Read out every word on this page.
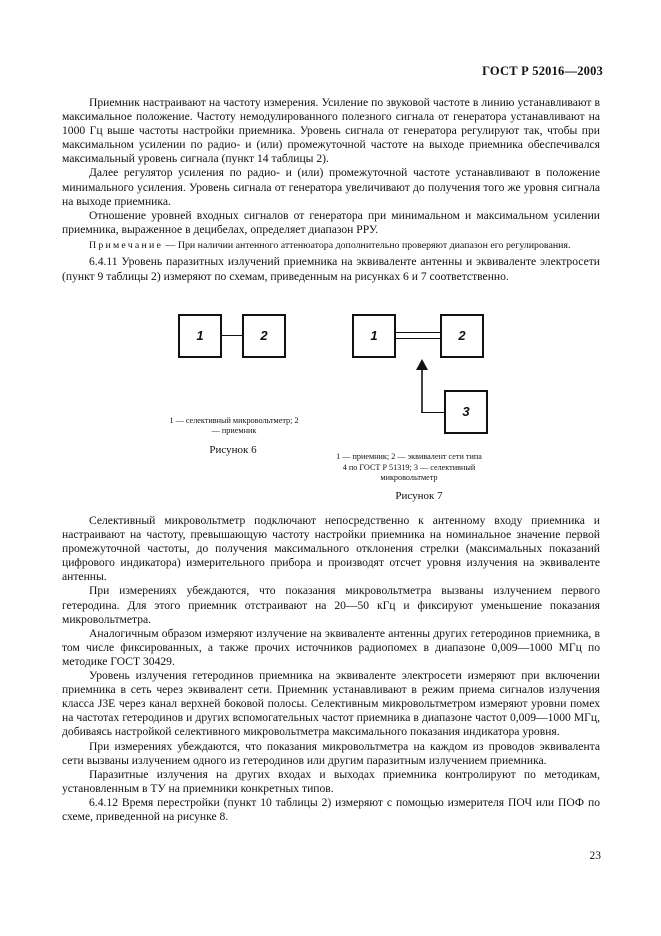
ГОСТ Р 52016—2003

Приемник настраивают на частоту измерения. Усиление по звуковой частоте в линию устанавливают в максимальное положение. Частоту немодулированного полезного сигнала от генератора устанавливают на 1000 Гц выше частоты настройки приемника. Уровень сигнала от генератора регулируют так, чтобы при максимальном усилении по радио- и (или) промежуточной частоте на выходе приемника обеспечивался максимальный уровень сигнала (пункт 14 таблицы 2).

Далее регулятор усиления по радио- и (или) промежуточной частоте устанавливают в положение минимального усиления. Уровень сигнала от генератора увеличивают до получения того же уровня сигнала на выходе приемника.

Отношение уровней входных сигналов от генератора при минимальном и максимальном усилении приемника, выраженное в децибелах, определяет диапазон РРУ.

Примечание — При наличии антенного аттенюатора дополнительно проверяют диапазон его регулирования.

6.4.11 Уровень паразитных излучений приемника на эквиваленте антенны и эквиваленте электросети (пункт 9 таблицы 2) измеряют по схемам, приведенным на рисунках 6 и 7 соответственно.

1	2
1 — селективный микровольтметр; 2 — приемник
Рисунок 6
1	2
3
1 — приемник; 2 — эквивалент сети типа 4 по ГОСТ Р 51319; 3 — селективный микровольтметр
Рисунок 7

Селективный микровольтметр подключают непосредственно к антенному входу приемника и настраивают на частоту, превышающую частоту настройки приемника на номинальное значение первой промежуточной частоты, до получения максимального отклонения стрелки (максимальных показаний цифрового индикатора) измерительного прибора и производят отсчет уровня излучения на эквиваленте антенны.

При измерениях убеждаются, что показания микровольтметра вызваны излучением первого гетеродина. Для этого приемник отстраивают на 20—50 кГц и фиксируют уменьшение показания микровольтметра.

Аналогичным образом измеряют излучение на эквиваленте антенны других гетеродинов приемника, в том числе фиксированных, а также прочих источников радиопомех в диапазоне 0,009—1000 МГц по методике ГОСТ 30429.

Уровень излучения гетеродинов приемника на эквиваленте электросети измеряют при включении приемника в сеть через эквивалент сети. Приемник устанавливают в режим приема сигналов излучения класса J3E через канал верхней боковой полосы. Селективным микровольтметром измеряют уровни помех на частотах гетеродинов и других вспомогательных частот приемника в диапазоне частот 0,009—1000 МГц, добиваясь настройкой селективного микровольтметра максимального показания индикатора уровня.

При измерениях убеждаются, что показания микровольтметра на каждом из проводов эквивалента сети вызваны излучением одного из гетеродинов или другим паразитным излучением приемника.

Паразитные излучения на других входах и выходах приемника контролируют по методикам, установленным в ТУ на приемники конкретных типов.

6.4.12 Время перестройки (пункт 10 таблицы 2) измеряют с помощью измерителя ПОЧ или ПОФ по схеме, приведенной на рисунке 8.

23
